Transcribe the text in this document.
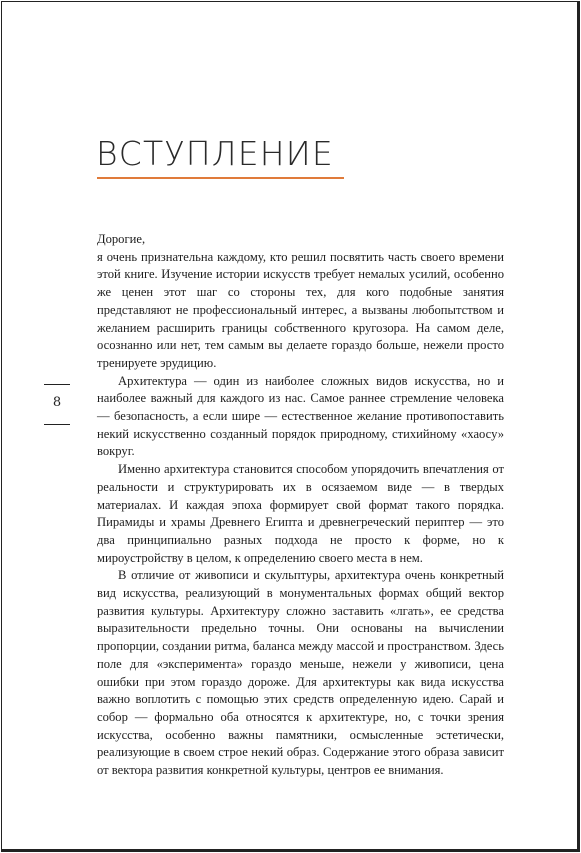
ВСТУПЛЕНИЕ
8

Дорогие,

я очень признательна каждому, кто решил посвятить часть своего времени этой книге. Изучение истории искусств требует немалых усилий, особенно же ценен этот шаг со стороны тех, для кого подобные занятия представляют не профессиональный интерес, а вызваны любопытством и желанием расширить границы собственного кругозора. На самом деле, осознанно или нет, тем самым вы делаете гораздо больше, нежели просто тренируете эрудицию.

Архитектура — один из наиболее сложных видов искусства, но и наиболее важный для каждого из нас. Самое раннее стремление человека — безопасность, а если шире — естественное желание противопоставить некий искусственно созданный порядок природному, стихийному «хаосу» вокруг.

Именно архитектура становится способом упорядочить впечатления от реальности и структурировать их в осязаемом виде — в твердых материалах. И каждая эпоха формирует свой формат такого порядка. Пирамиды и храмы Древнего Египта и древнегреческий периптер — это два принципиально разных подхода не просто к форме, но к мироустройству в целом, к определению своего места в нем.

В отличие от живописи и скульптуры, архитектура очень конкретный вид искусства, реализующий в монументальных формах общий вектор развития культуры. Архитектуру сложно заставить «лгать», ее средства выразительности предельно точны. Они основаны на вычислении пропорции, создании ритма, баланса между массой и пространством. Здесь поле для «эксперимента» гораздо меньше, нежели у живописи, цена ошибки при этом гораздо дороже. Для архитектуры как вида искусства важно воплотить с помощью этих средств определенную идею. Сарай и собор — формально оба относятся к архитектуре, но, с точки зрения искусства, особенно важны памятники, осмысленные эстетически, реализующие в своем строе некий образ. Содержание этого образа зависит от вектора развития конкретной культуры, центров ее внимания.
